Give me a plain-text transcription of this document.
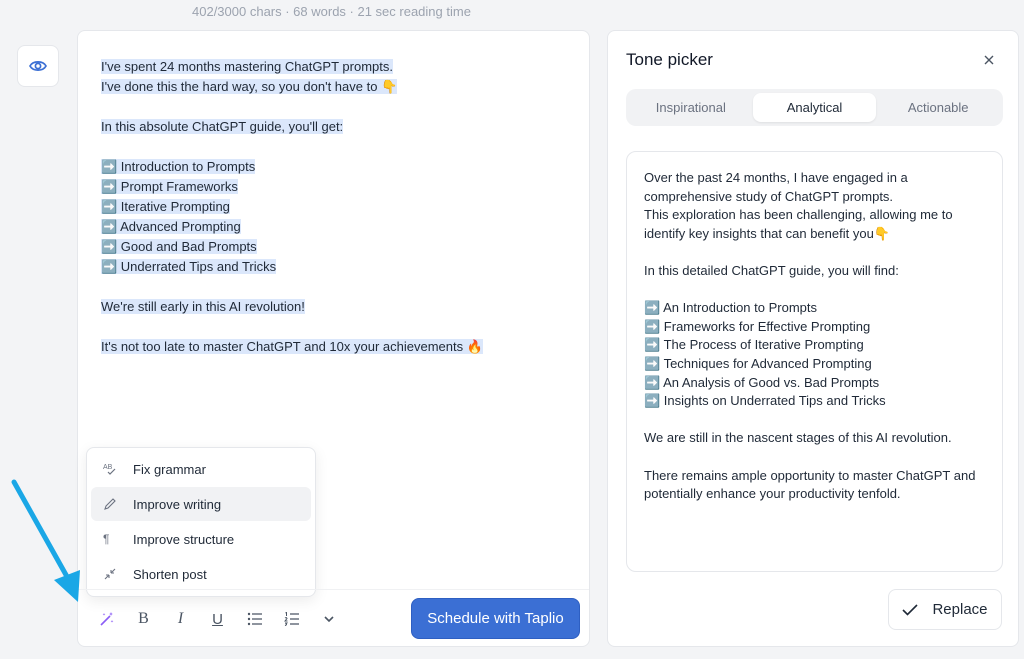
402/3000 chars · 68 words · 21 sec reading time
I've spent 24 months mastering ChatGPT prompts.
I've done this the hard way, so you don't have to 👇
In this absolute ChatGPT guide, you'll get:
➡️ Introduction to Prompts
➡️ Prompt Frameworks
➡️ Iterative Prompting
➡️ Advanced Prompting
➡️ Good and Bad Prompts
➡️ Underrated Tips and Tricks
We're still early in this AI revolution!
It's not too late to master ChatGPT and 10x your achievements 🔥
AB Fix grammar
Improve writing
¶	Improve structure
Shorten post
B I U	Schedule with Taplio
Tone picker
Inspirational	Analytical	Actionable
Over the past 24 months, I have engaged in a
comprehensive study of ChatGPT prompts.
This exploration has been challenging, allowing me to
identify key insights that can benefit you👇
In this detailed ChatGPT guide, you will find:
➡️ An Introduction to Prompts
➡️ Frameworks for Effective Prompting
➡️ The Process of Iterative Prompting
➡️ Techniques for Advanced Prompting
➡️ An Analysis of Good vs. Bad Prompts
➡️ Insights on Underrated Tips and Tricks
We are still in the nascent stages of this AI revolution.
There remains ample opportunity to master ChatGPT and
potentially enhance your productivity tenfold.
Replace
